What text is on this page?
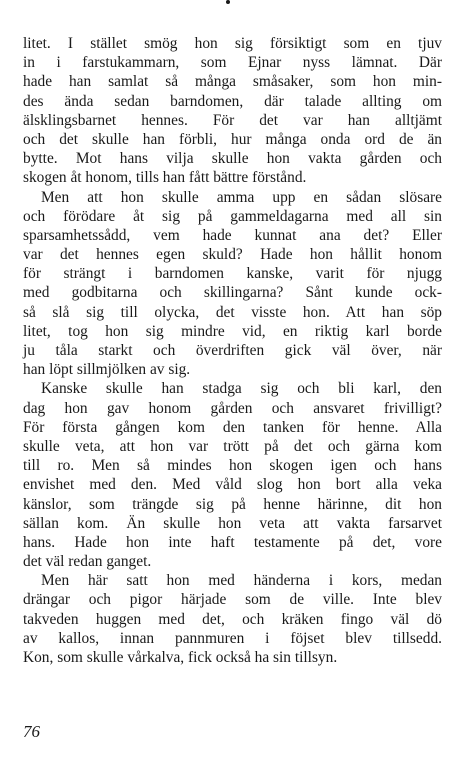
litet. I stället smög hon sig försiktigt som en tjuv
in i farstukammarn, som Ejnar nyss lämnat. Där
hade han samlat så många småsaker, som hon min-
des ända sedan barndomen, där talade allting om
älsklingsbarnet hennes. För det var han alltjämt
och det skulle han förbli, hur många onda ord de än
bytte. Mot hans vilja skulle hon vakta gården och
skogen åt honom, tills han fått bättre förstånd.
Men att hon skulle amma upp en sådan slösare
och förödare åt sig på gammeldagarna med all sin
sparsamhetssådd, vem hade kunnat ana det? Eller
var det hennes egen skuld? Hade hon hållit honom
för strängt i barndomen kanske, varit för njugg
med godbitarna och skillingarna? Sånt kunde ock-
så slå sig till olycka, det visste hon. Att han söp
litet, tog hon sig mindre vid, en riktig karl borde
ju tåla starkt och överdriften gick väl över, när
han löpt sillmjölken av sig.
Kanske skulle han stadga sig och bli karl, den
dag hon gav honom gården och ansvaret frivilligt?
För första gången kom den tanken för henne. Alla
skulle veta, att hon var trött på det och gärna kom
till ro. Men så mindes hon skogen igen och hans
envishet med den. Med våld slog hon bort alla veka
känslor, som trängde sig på henne härinne, dit hon
sällan kom. Än skulle hon veta att vakta farsarvet
hans. Hade hon inte haft testamente på det, vore
det väl redan ganget.
Men här satt hon med händerna i kors, medan
drängar och pigor härjade som de ville. Inte blev
takveden huggen med det, och kräken fingo väl dö
av kallos, innan pannmuren i föjset blev tillsedd.
Kon, som skulle vårkalva, fick också ha sin tillsyn.
76
